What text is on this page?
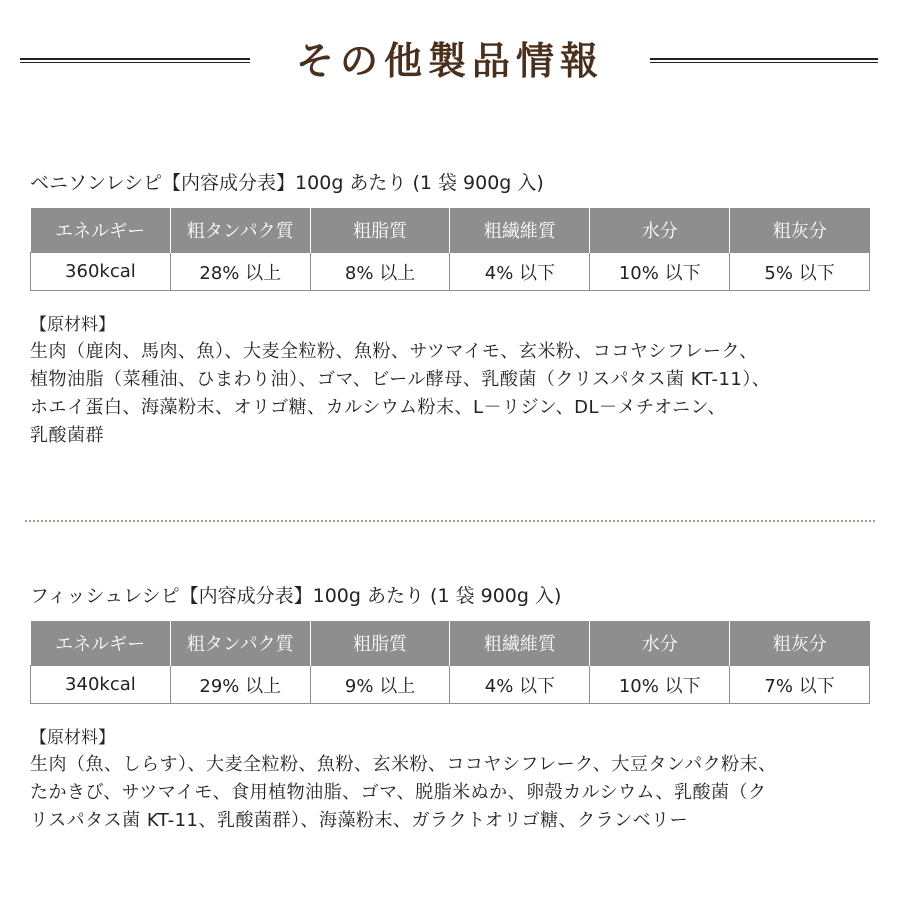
その他製品情報
ベニソンレシピ【内容成分表】100g あたり (1 袋 900g 入)
エネルギー	粗タンパク質	粗脂質	粗繊維質	水分	粗灰分
360kcal	28% 以上	8% 以上	4% 以下	10% 以下	5% 以下
【原材料】
生肉（鹿肉、馬肉、魚）、大麦全粒粉、魚粉、サツマイモ、玄米粉、ココヤシフレーク、
植物油脂（菜種油、ひまわり油）、ゴマ、ビール酵母、乳酸菌（クリスパタス菌 KT-11）、
ホエイ蛋白、海藻粉末、オリゴ糖、カルシウム粉末、L－リジン、DL－メチオニン、
乳酸菌群
フィッシュレシピ【内容成分表】100g あたり (1 袋 900g 入)
エネルギー	粗タンパク質	粗脂質	粗繊維質	水分	粗灰分
340kcal	29% 以上	9% 以上	4% 以下	10% 以下	7% 以下
【原材料】
生肉（魚、しらす）、大麦全粒粉、魚粉、玄米粉、ココヤシフレーク、大豆タンパク粉末、
たかきび、サツマイモ、食用植物油脂、ゴマ、脱脂米ぬか、卵殻カルシウム、乳酸菌（ク
リスパタス菌 KT-11、乳酸菌群）、海藻粉末、ガラクトオリゴ糖、クランベリー
